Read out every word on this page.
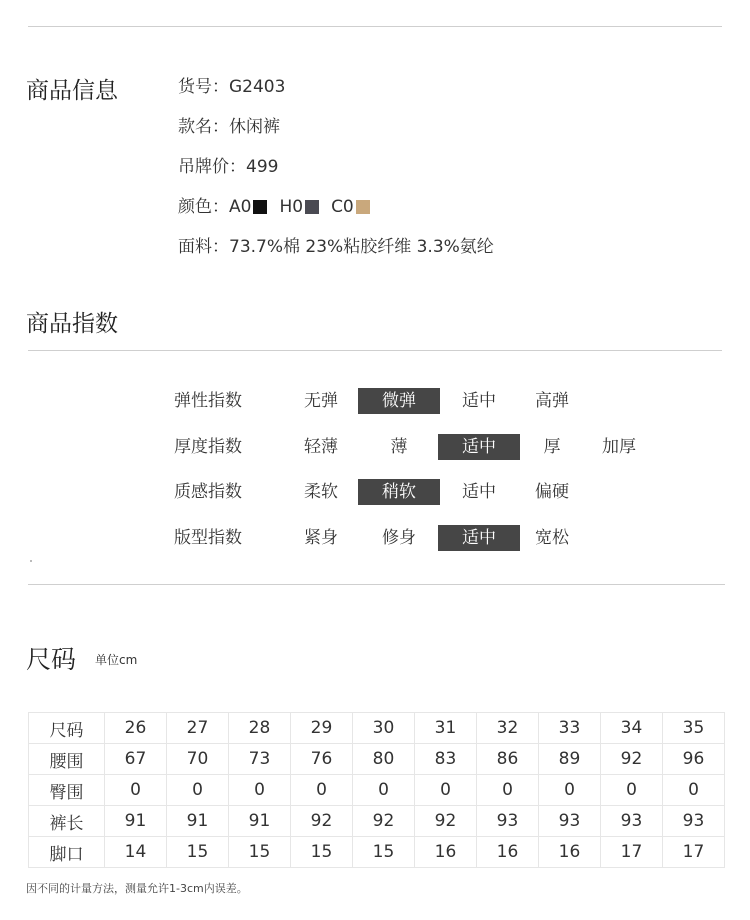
商品信息	货号 ：	G2403
款名 ：	休闲裤
吊牌价 ：	499
颜色 ：	A0 H0 C0
面料 ：	73.7%棉 23%粘胶纤维 3.3%氨纶
商品指数
弹性指数	无弹	微弹	适中	高弹
厚度指数	轻薄	薄	适中	厚	加厚
质感指数	柔软	稍软	适中	偏硬
版型指数	紧身	修身	适中	宽松
尺码 单位cm
尺码	26	27	28	29	30	31	32	33	34	35
腰围	67	70	73	76	80	83	86	89	92	96
臀围	0	0	0	0	0	0	0	0	0	0
裤长	91	91	91	92	92	92	93	93	93	93
脚口	14	15	15	15	15	16	16	16	17	17
因不同的计量方法，测量允许1-3cm内误差。
